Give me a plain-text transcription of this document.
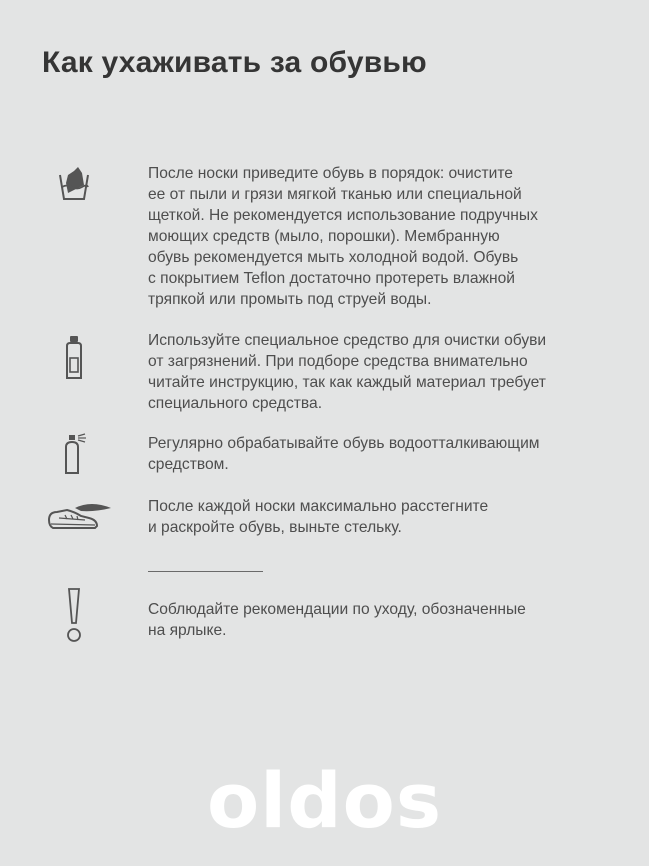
Как ухаживать за обувью

После носки приведите обувь в порядок: очистите
ее от пыли и грязи мягкой тканью или специальной
щеткой. Не рекомендуется использование подручных
моющих средств (мыло, порошки). Мембранную
обувь рекомендуется мыть холодной водой. Обувь
с покрытием Teflon достаточно протереть влажной
тряпкой или промыть под струей воды.

Используйте специальное средство для очистки обуви
от загрязнений. При подборе средства внимательно
читайте инструкцию, так как каждый материал требует
специального средства.

Регулярно обрабатывайте обувь водоотталкивающим
средством.

После каждой носки максимально расстегните
и раскройте обувь, выньте стельку.

Соблюдайте рекомендации по уходу, обозначенные
на ярлыке.

oldos
